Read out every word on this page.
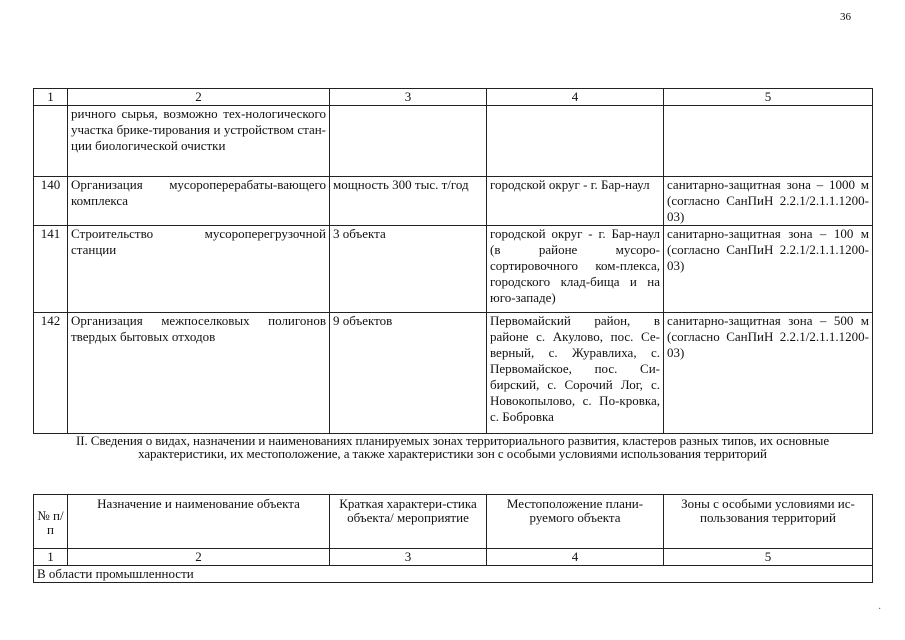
36
1	2	3	4	5
	ричного сырья, возможно тех-нологического участка брике-тирования и устройством стан-ции биологической очистки			
140	Организация мусороперерабаты-вающего комплекса	мощность 300 тыс. т/год	городской округ - г. Бар-наул	санитарно-защитная зона – 1000 м (согласно СанПиН 2.2.1/2.1.1.1200-03)
141	Строительство мусороперегрузочной станции	3 объекта	городской округ - г. Бар-наул (в районе мусоро-сортировочного ком-плекса, городского клад-бища и на юго-западе)	санитарно-защитная зона – 100 м (согласно СанПиН 2.2.1/2.1.1.1200-03)
142	Организация межпоселковых полигонов твердых бытовых отходов	9 объектов	Первомайский район, в районе с. Акулово, пос. Се-верный, с. Журавлиха, с. Первомайское, пос. Си-бирский, с. Сорочий Лог, с. Новокопылово, с. По-кровка, с. Бобровка	санитарно-защитная зона – 500 м (согласно СанПиН 2.2.1/2.1.1.1200-03)
II. Сведения о видах, назначении и наименованиях планируемых зонах территориального развития, кластеров разных типов, их основные характеристики, их местоположение, а также характеристики зон с особыми условиями использования территорий
№ п/п	Назначение и наименование объекта	Краткая характери-стика объекта/ мероприятие	Местоположение плани-руемого объекта	Зоны с особыми условиями ис-пользования территорий
1	2	3	4	5
В области промышленности				
·
